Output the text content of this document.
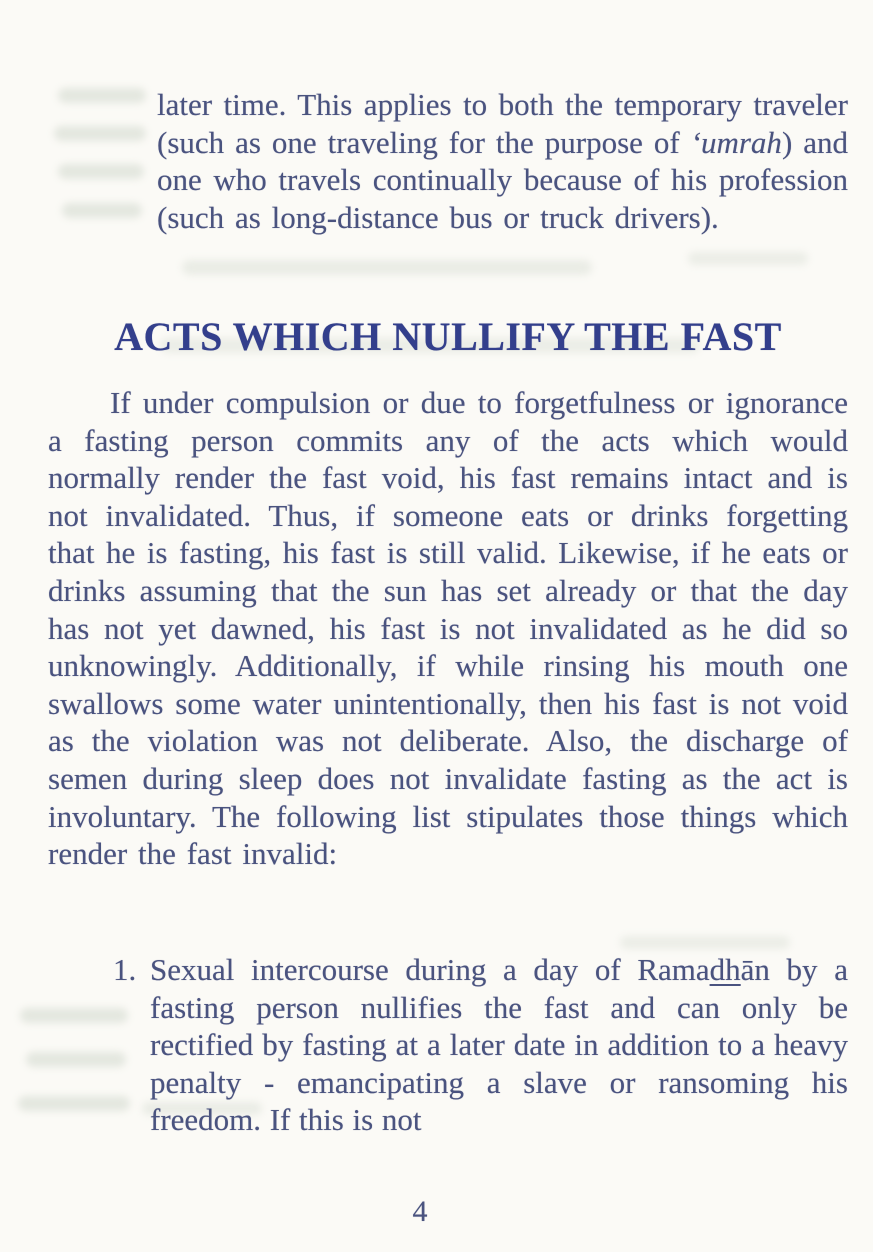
later time. This applies to both the temporary traveler (such as one traveling for the purpose of ‘umrah) and one who travels continually because of his profession (such as long-distance bus or truck drivers).

ACTS WHICH NULLIFY THE FAST

If under compulsion or due to forgetfulness or ignorance a fasting person commits any of the acts which would normally render the fast void, his fast remains intact and is not invalidated. Thus, if someone eats or drinks forgetting that he is fasting, his fast is still valid. Likewise, if he eats or drinks assuming that the sun has set already or that the day has not yet dawned, his fast is not invalidated as he did so unknowingly. Additionally, if while rinsing his mouth one swallows some water unintentionally, then his fast is not void as the violation was not deliberate. Also, the discharge of semen during sleep does not invalidate fasting as the act is involuntary. The following list stipulates those things which render the fast invalid:

1. Sexual intercourse during a day of Ramadhān by a fasting person nullifies the fast and can only be rectified by fasting at a later date in addition to a heavy penalty - emancipating a slave or ransoming his freedom. If this is not
4
